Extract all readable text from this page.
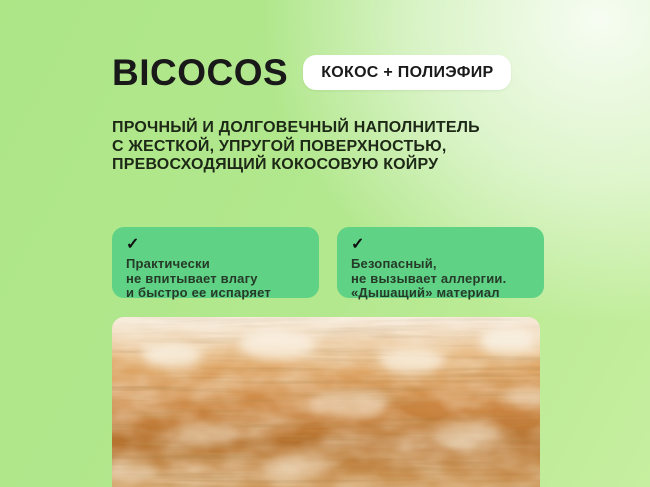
BICOCOS	КОКОС + ПОЛИЭФИР
ПРОЧНЫЙ И ДОЛГОВЕЧНЫЙ НАПОЛНИТЕЛЬ
С ЖЕСТКОЙ, УПРУГОЙ ПОВЕРХНОСТЬЮ,
ПРЕВОСХОДЯЩИЙ КОКОСОВУЮ КОЙРУ
✓
Практически
не впитывает влагу
и быстро ее испаряет
✓
Безопасный,
не вызывает аллергии.
«Дышащий» материал
